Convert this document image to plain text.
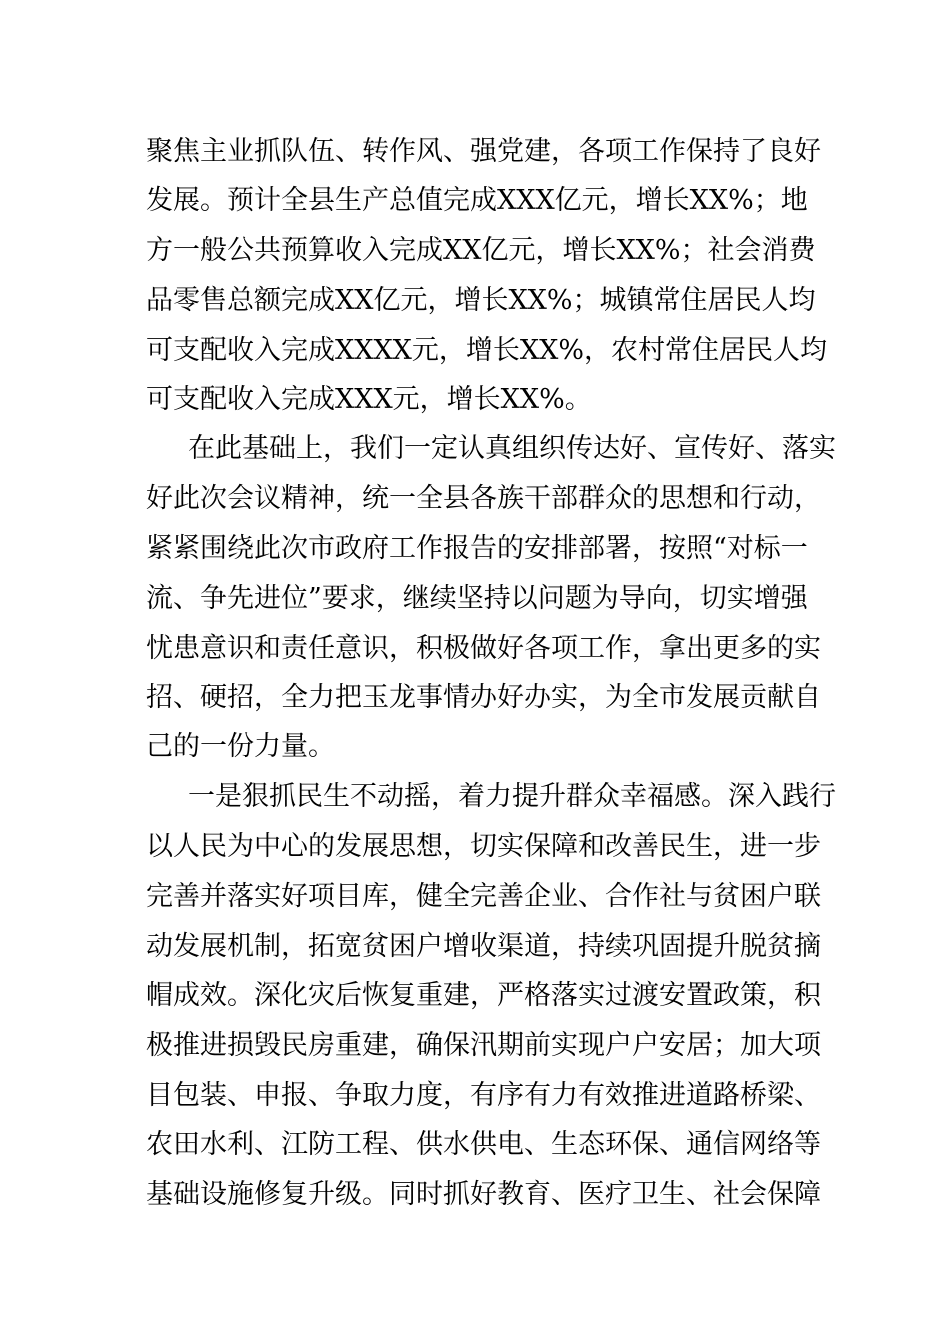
聚焦主业抓队伍、转作风、强党建，各项工作保持了良好
发展。预计全县生产总值完成XXX亿元，增长XX%；地
方一般公共预算收入完成XX亿元，增长XX%；社会消费
品零售总额完成XX亿元，增长XX%；城镇常住居民人均
可支配收入完成XXXX元，增长XX%，农村常住居民人均
可支配收入完成XXX元，增长XX%。
在此基础上，我们一定认真组织传达好、宣传好、落实
好此次会议精神，统一全县各族干部群众的思想和行动，
紧紧围绕此次市政府工作报告的安排部署，按照“对标一
流、争先进位”要求，继续坚持以问题为导向，切实增强
忧患意识和责任意识，积极做好各项工作，拿出更多的实
招、硬招，全力把玉龙事情办好办实，为全市发展贡献自
己的一份力量。
一是狠抓民生不动摇，着力提升群众幸福感。深入践行
以人民为中心的发展思想，切实保障和改善民生，进一步
完善并落实好项目库，健全完善企业、合作社与贫困户联
动发展机制，拓宽贫困户增收渠道，持续巩固提升脱贫摘
帽成效。深化灾后恢复重建，严格落实过渡安置政策，积
极推进损毁民房重建，确保汛期前实现户户安居；加大项
目包装、申报、争取力度，有序有力有效推进道路桥梁、
农田水利、江防工程、供水供电、生态环保、通信网络等
基础设施修复升级。同时抓好教育、医疗卫生、社会保障
